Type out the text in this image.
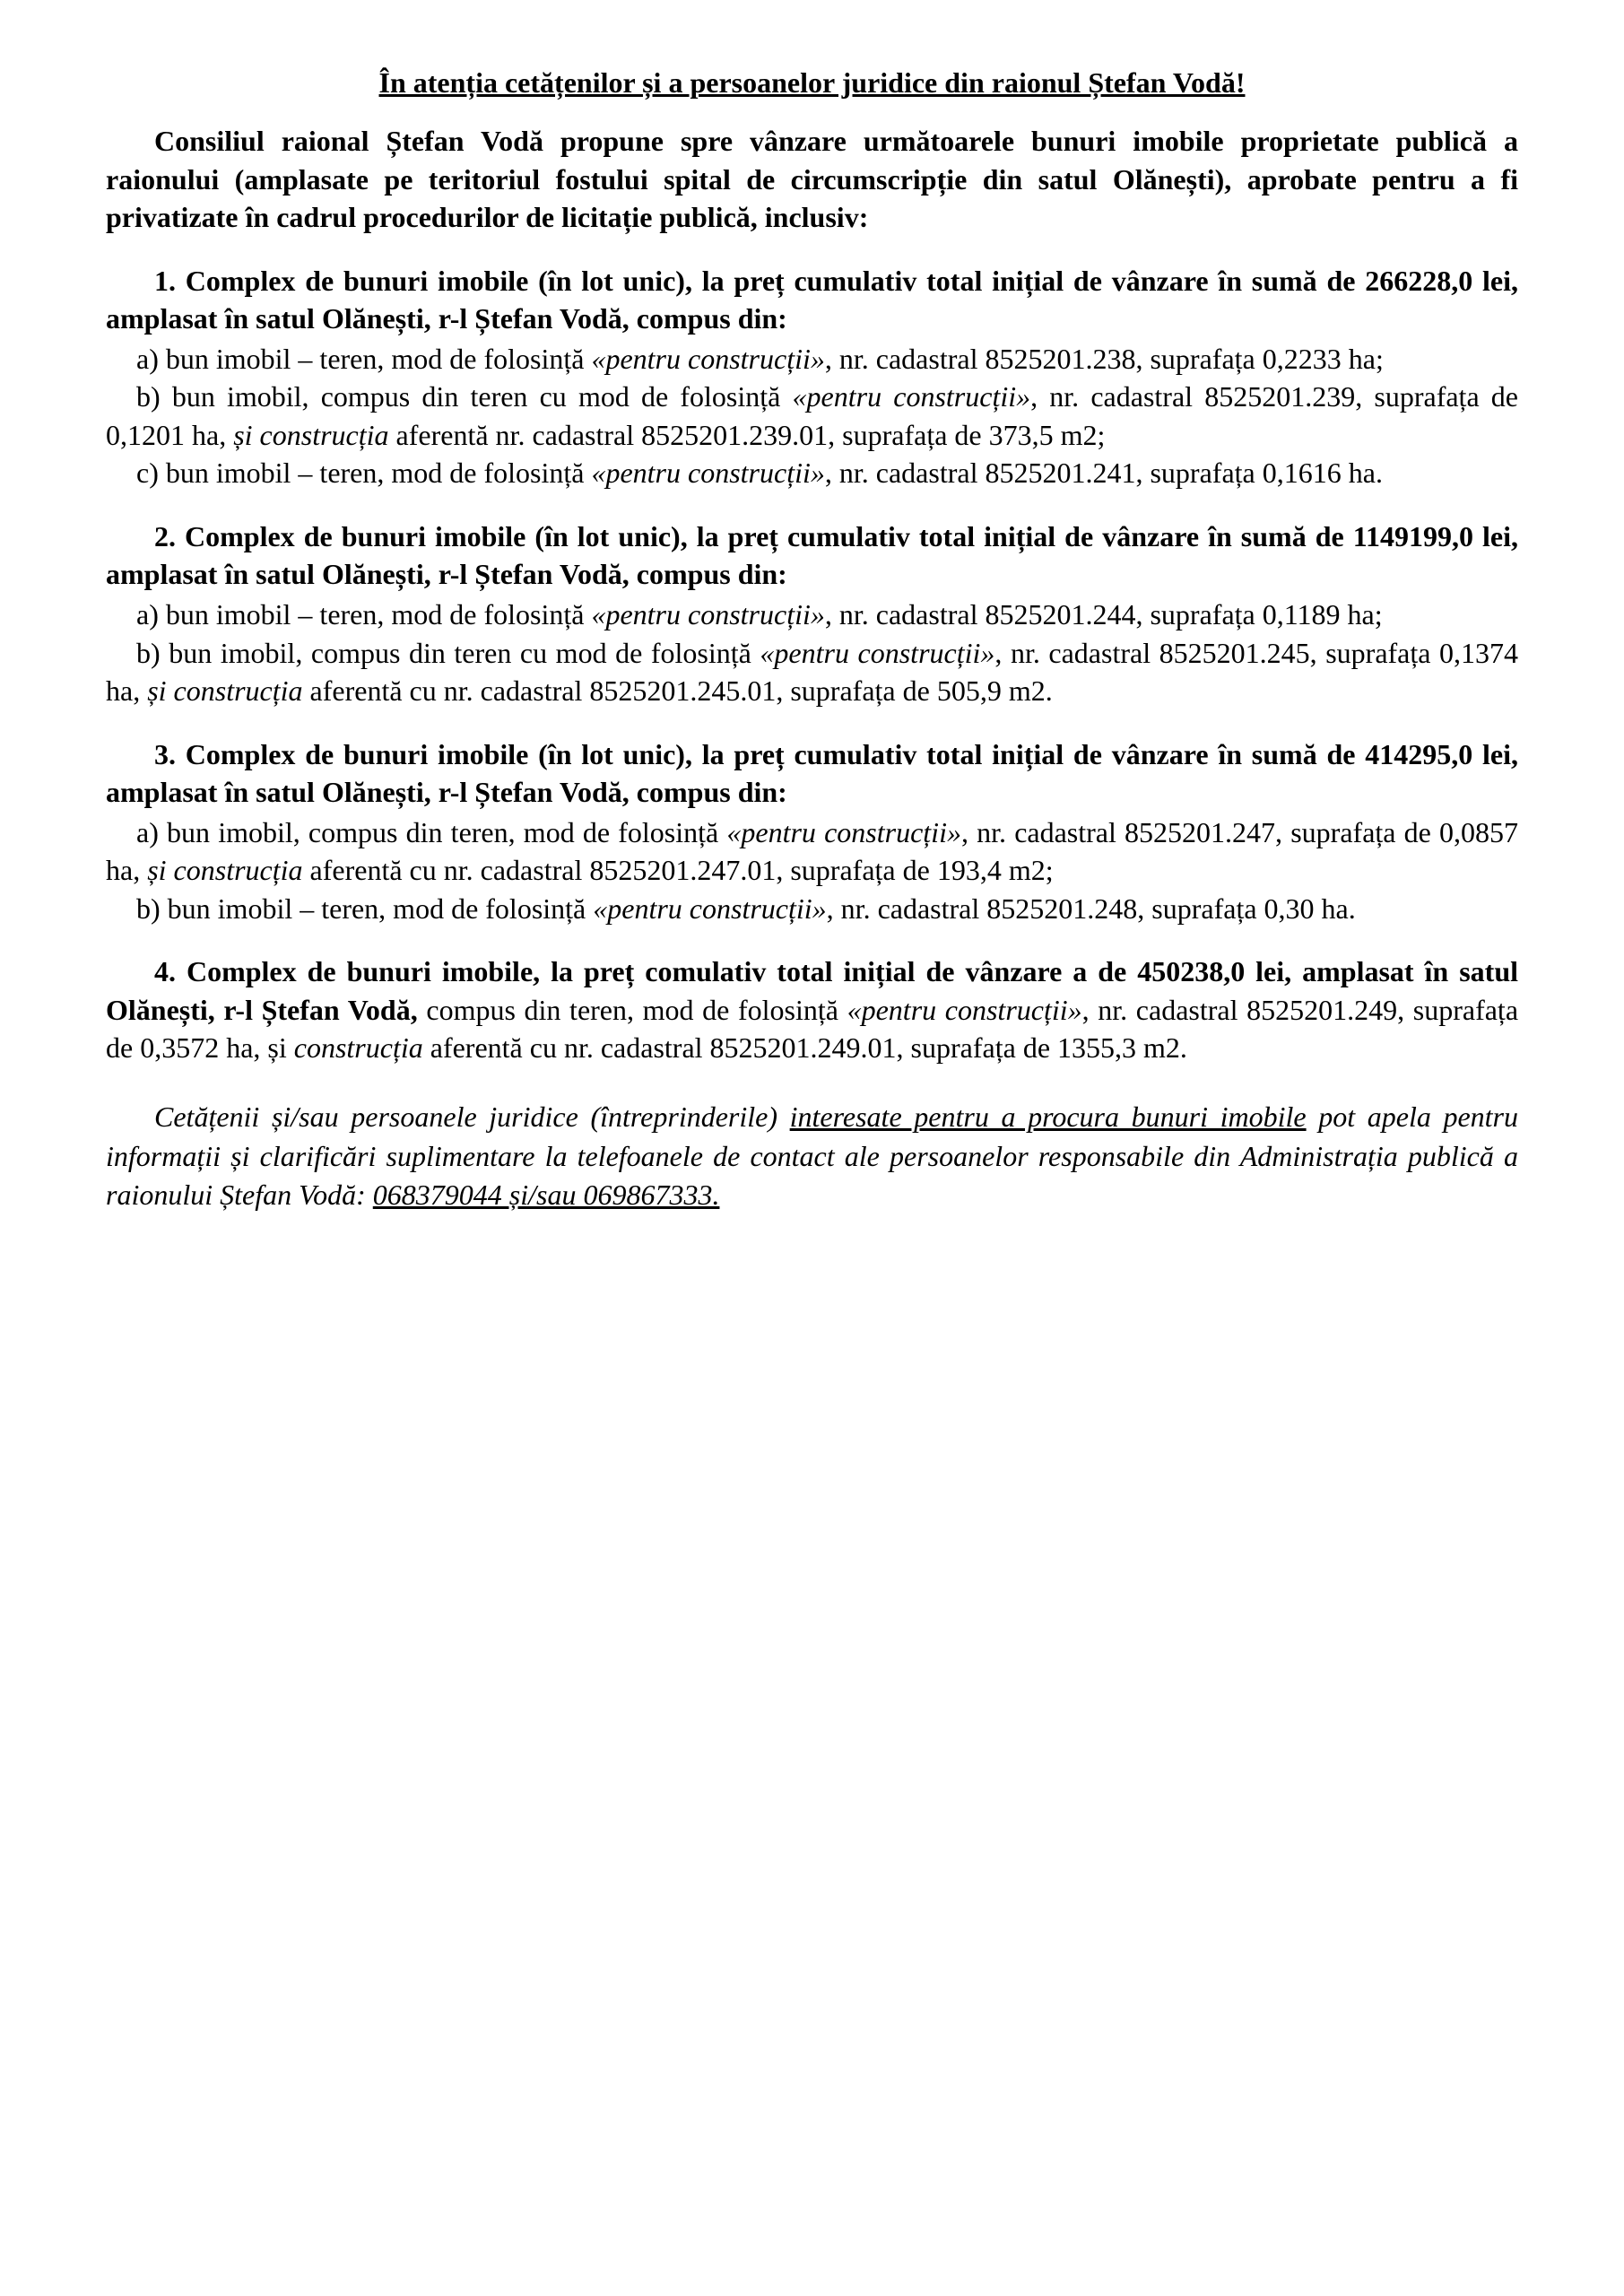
În atenția cetățenilor și a persoanelor juridice din raionul Ștefan Vodă!

Consiliul raional Ștefan Vodă propune spre vânzare următoarele bunuri imobile proprietate publică a raionului (amplasate pe teritoriul fostului spital de circumscripție din satul Olănești), aprobate pentru a fi privatizate în cadrul procedurilor de licitație publică, inclusiv:

1. Complex de bunuri imobile (în lot unic), la preț cumulativ total inițial de vânzare în sumă de 266228,0 lei, amplasat în satul Olănești, r-l Ștefan Vodă, compus din:

a) bun imobil – teren, mod de folosință «pentru construcții», nr. cadastral 8525201.238, suprafața 0,2233 ha;

b) bun imobil, compus din teren cu mod de folosință «pentru construcții», nr. cadastral 8525201.239, suprafața de 0,1201 ha, și construcția aferentă nr. cadastral 8525201.239.01, suprafața de 373,5 m2;

c) bun imobil – teren, mod de folosință «pentru construcții», nr. cadastral 8525201.241, suprafața 0,1616 ha.

2. Complex de bunuri imobile (în lot unic), la preț cumulativ total inițial de vânzare în sumă de 1149199,0 lei, amplasat în satul Olănești, r-l Ștefan Vodă, compus din:

a) bun imobil – teren, mod de folosință «pentru construcții», nr. cadastral 8525201.244, suprafața 0,1189 ha;

b) bun imobil, compus din teren cu mod de folosință «pentru construcții», nr. cadastral 8525201.245, suprafața 0,1374 ha, și construcția aferentă cu nr. cadastral 8525201.245.01, suprafața de 505,9 m2.

3. Complex de bunuri imobile (în lot unic), la preț cumulativ total inițial de vânzare în sumă de 414295,0 lei, amplasat în satul Olănești, r-l Ștefan Vodă, compus din:

a) bun imobil, compus din teren, mod de folosință «pentru construcții», nr. cadastral 8525201.247, suprafața de 0,0857 ha, și construcția aferentă cu nr. cadastral 8525201.247.01, suprafața de 193,4 m2;

b) bun imobil – teren, mod de folosință «pentru construcții», nr. cadastral 8525201.248, suprafața 0,30 ha.

4. Complex de bunuri imobile, la preț comulativ total inițial de vânzare a de 450238,0 lei, amplasat în satul Olănești, r-l Ștefan Vodă, compus din teren, mod de folosință «pentru construcții», nr. cadastral 8525201.249, suprafața de 0,3572 ha, și construcția aferentă cu nr. cadastral 8525201.249.01, suprafața de 1355,3 m2.

Cetățenii și/sau persoanele juridice (întreprinderile) interesate pentru a procura bunuri imobile pot apela pentru informații și clarificări suplimentare la telefoanele de contact ale persoanelor responsabile din Administrația publică a raionului Ștefan Vodă: 068379044 și/sau 069867333.
